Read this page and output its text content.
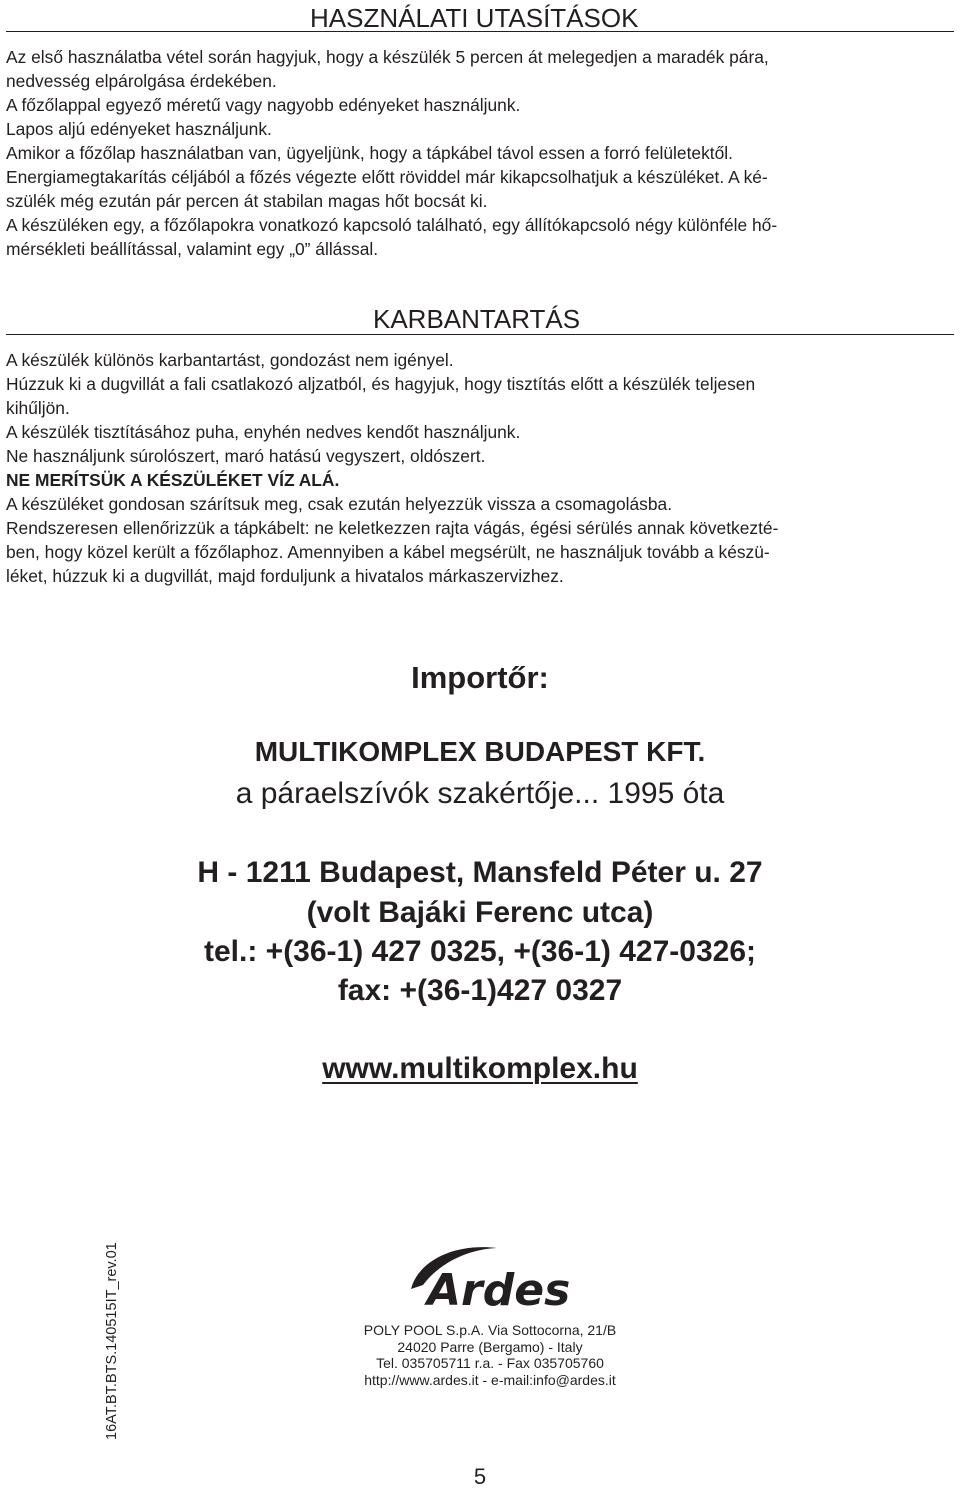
HASZNÁLATI UTASÍTÁSOK

Az első használatba vétel során hagyjuk, hogy a készülék 5 percen át melegedjen a maradék pára,

nedvesség elpárolgása érdekében.

A főzőlappal egyező méretű vagy nagyobb edényeket használjunk.

Lapos aljú edényeket használjunk.

Amikor a főzőlap használatban van, ügyeljünk, hogy a tápkábel távol essen a forró felületektől.

Energiamegtakarítás céljából a főzés végezte előtt röviddel már kikapcsolhatjuk a készüléket. A ké-

szülék még ezután pár percen át stabilan magas hőt bocsát ki.

A készüléken egy, a főzőlapokra vonatkozó kapcsoló található, egy állítókapcsoló négy különféle hő-

mérsékleti beállítással, valamint egy „0” állással.

KARBANTARTÁS

A készülék különös karbantartást, gondozást nem igényel.

Húzzuk ki a dugvillát a fali csatlakozó aljzatból, és hagyjuk, hogy tisztítás előtt a készülék teljesen

kihűljön.

A készülék tisztításához puha, enyhén nedves kendőt használjunk.

Ne használjunk súrolószert, maró hatású vegyszert, oldószert.

NE MERÍTSÜK A KÉSZÜLÉKET VÍZ ALÁ.

A készüléket gondosan szárítsuk meg, csak ezután helyezzük vissza a csomagolásba.

Rendszeresen ellenőrizzük a tápkábelt: ne keletkezzen rajta vágás, égési sérülés annak következté-

ben, hogy közel került a főzőlaphoz. Amennyiben a kábel megsérült, ne használjuk tovább a készü-

léket, húzzuk ki a dugvillát, majd forduljunk a hivatalos márkaszervizhez.

Importőr:

MULTIKOMPLEX BUDAPEST KFT.

a páraelszívók szakértője... 1995 óta

H - 1211 Budapest, Mansfeld Péter u. 27

(volt Bajáki Ferenc utca)

tel.: +(36-1) 427 0325, +(36-1) 427-0326;

fax: +(36-1)427 0327

www.multikomplex.hu

16AT.BT.BTS.140515IT_rev.01	Ardes

POLY POOL S.p.A. Via Sottocorna, 21/B

24020 Parre (Bergamo) - Italy

Tel. 035705711 r.a. - Fax 035705760

http://www.ardes.it - e-mail:info@ardes.it

5
